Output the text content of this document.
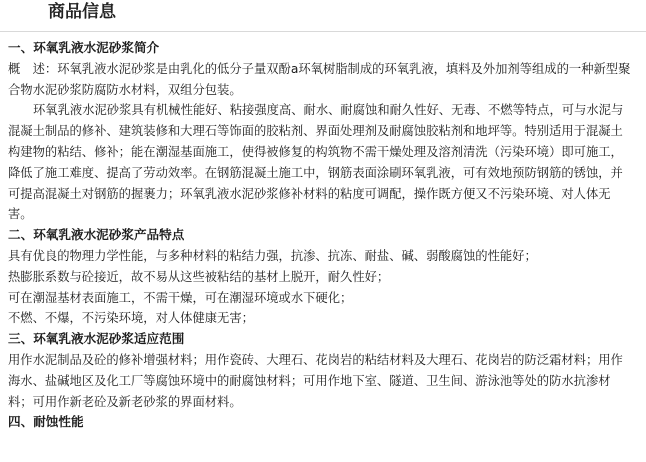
商品信息

一、环氧乳液水泥砂浆简介

概　述：环氧乳液水泥砂浆是由乳化的低分子量双酚a环氧树脂制成的环氧乳液，填料及外加剂等组成的一种新型聚合物水泥砂浆防腐防水材料，双组分包装。

环氧乳液水泥砂浆具有机械性能好、粘接强度高、耐水、耐腐蚀和耐久性好、无毒、不燃等特点，可与水泥与混凝土制品的修补、建筑装修和大理石等饰面的胶粘剂、界面处理剂及耐腐蚀胶粘剂和地坪等。特别适用于混凝土构建物的粘结、修补；能在潮湿基面施工，使得被修复的构筑物不需干燥处理及溶剂清洗（污染环境）即可施工，降低了施工难度、提高了劳动效率。在钢筋混凝土施工中，钢筋表面涂刷环氧乳液，可有效地预防钢筋的锈蚀，并可提高混凝土对钢筋的握裹力；环氧乳液水泥砂浆修补材料的粘度可调配，操作既方便又不污染环境、对人体无害。

二、环氧乳液水泥砂浆产品特点

具有优良的物理力学性能，与多种材料的粘结力强，抗渗、抗冻、耐盐、碱、弱酸腐蚀的性能好；

热膨胀系数与砼接近，故不易从这些被粘结的基材上脱开，耐久性好；

可在潮湿基材表面施工，不需干燥，可在潮湿环境或水下硬化；

不燃、不爆，不污染环境，对人体健康无害；

三、环氧乳液水泥砂浆适应范围

用作水泥制品及砼的修补增强材料；用作瓷砖、大理石、花岗岩的粘结材料及大理石、花岗岩的防泛霜材料；用作海水、盐碱地区及化工厂等腐蚀环境中的耐腐蚀材料；可用作地下室、隧道、卫生间、游泳池等处的防水抗渗材料；可用作新老砼及新老砂浆的界面材料。

四、耐蚀性能
